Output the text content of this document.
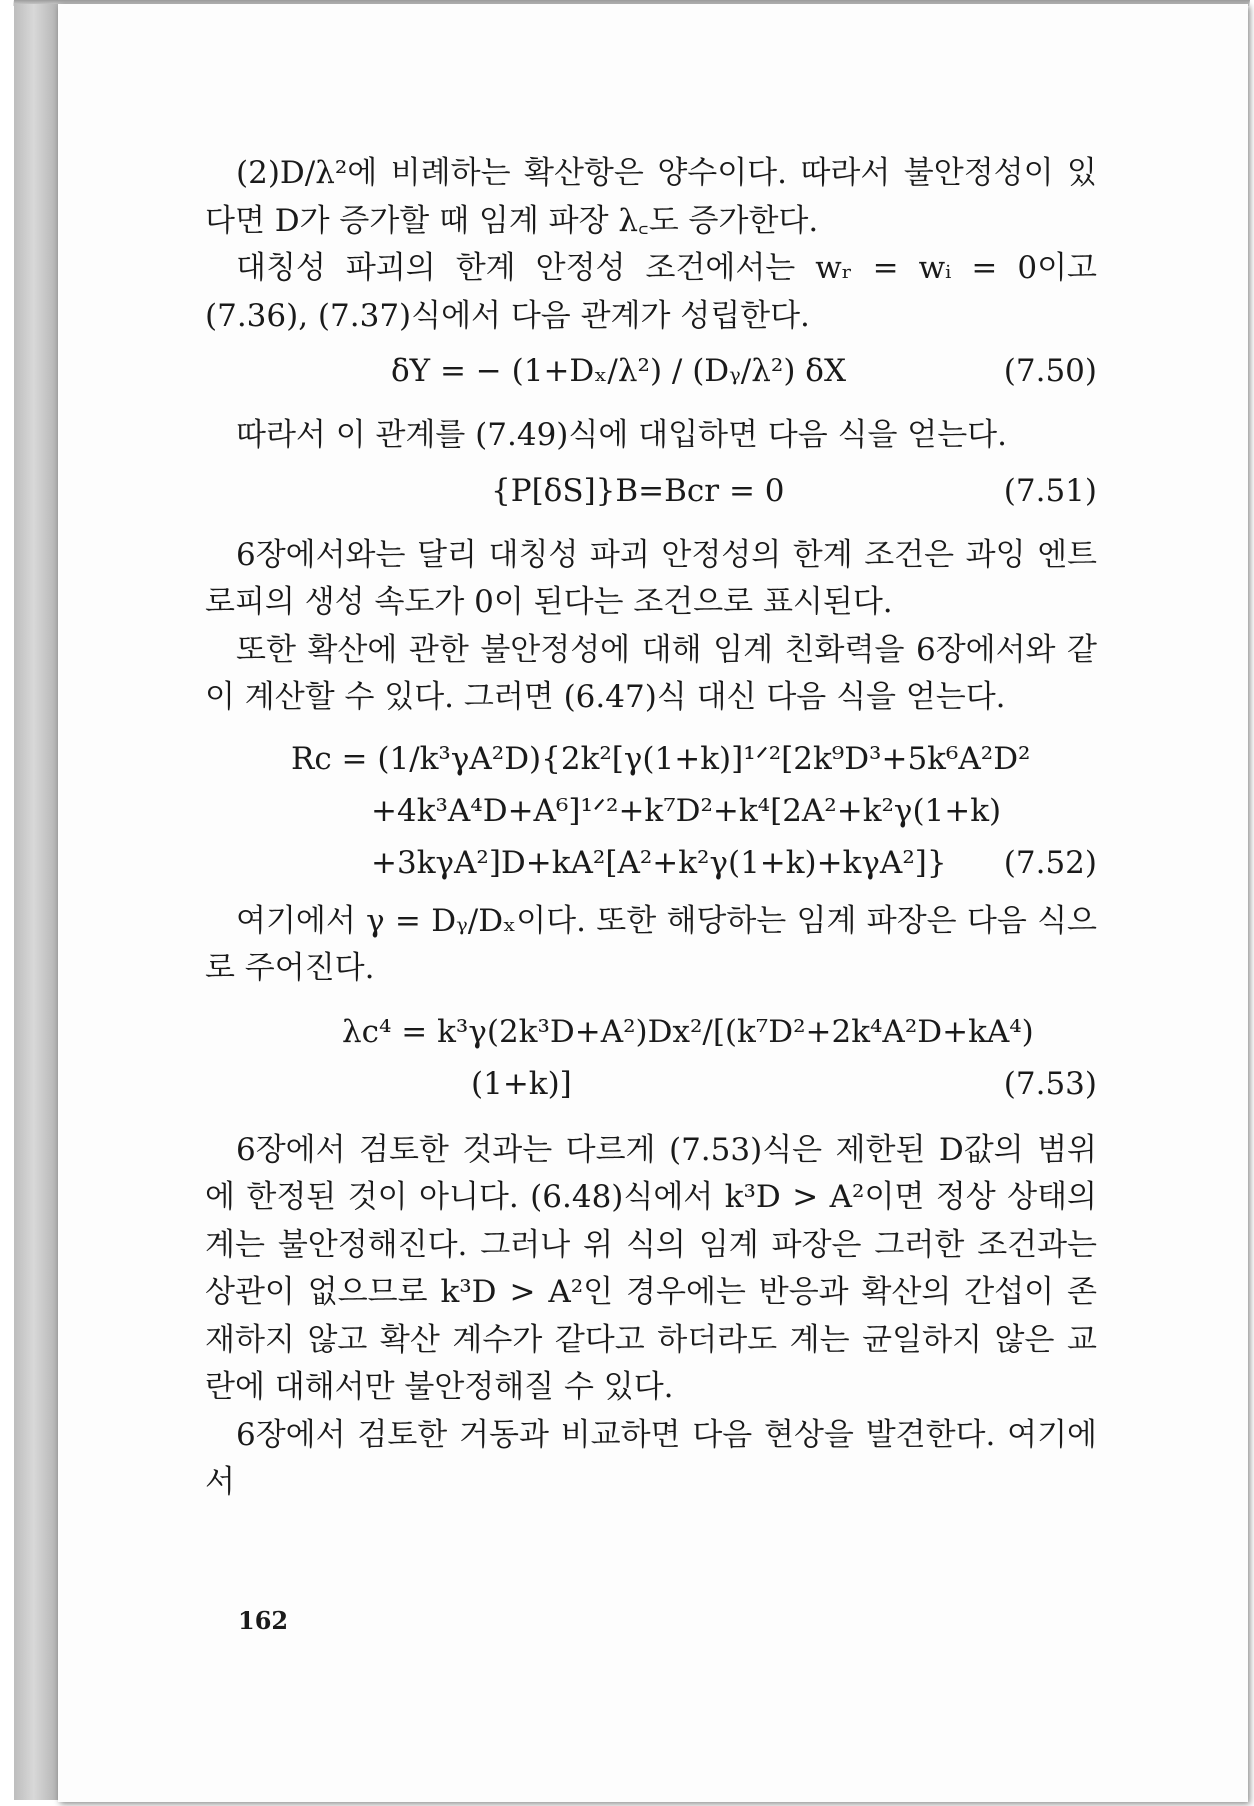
(2)D/λ²에 비례하는 확산항은 양수이다. 따라서 불안정성이 있다면 D가 증가할 때 임계 파장 λ꜀도 증가한다.

대칭성 파괴의 한계 안정성 조건에서는 wᵣ = wᵢ = 0이고 (7.36), (7.37)식에서 다음 관계가 성립한다.

δY = − (1+Dₓ/λ²) / (Dᵧ/λ²) δX	(7.50)

따라서 이 관계를 (7.49)식에 대입하면 다음 식을 얻는다.

{P[δS]}B=Bcr = 0	(7.51)

6장에서와는 달리 대칭성 파괴 안정성의 한계 조건은 과잉 엔트로피의 생성 속도가 0이 된다는 조건으로 표시된다.

또한 확산에 관한 불안정성에 대해 임계 친화력을 6장에서와 같이 계산할 수 있다. 그러면 (6.47)식 대신 다음 식을 얻는다.

Rc = (1/k³γA²D){2k²[γ(1+k)]¹ᐟ²[2k⁹D³+5k⁶A²D²
+4k³A⁴D+A⁶]¹ᐟ²+k⁷D²+k⁴[2A²+k²γ(1+k)
+3kγA²]D+kA²[A²+k²γ(1+k)+kγA²]} (7.52)

여기에서 γ = Dᵧ/Dₓ이다. 또한 해당하는 임계 파장은 다음 식으로 주어진다.

λc⁴ = k³γ(2k³D+A²)Dx²/[(k⁷D²+2k⁴A²D+kA⁴)
(1+k)]	(7.53)

6장에서 검토한 것과는 다르게 (7.53)식은 제한된 D값의 범위에 한정된 것이 아니다. (6.48)식에서 k³D > A²이면 정상 상태의 계는 불안정해진다. 그러나 위 식의 임계 파장은 그러한 조건과는 상관이 없으므로 k³D > A²인 경우에는 반응과 확산의 간섭이 존재하지 않고 확산 계수가 같다고 하더라도 계는 균일하지 않은 교란에 대해서만 불안정해질 수 있다.

6장에서 검토한 거동과 비교하면 다음 현상을 발견한다. 여기에서

162
